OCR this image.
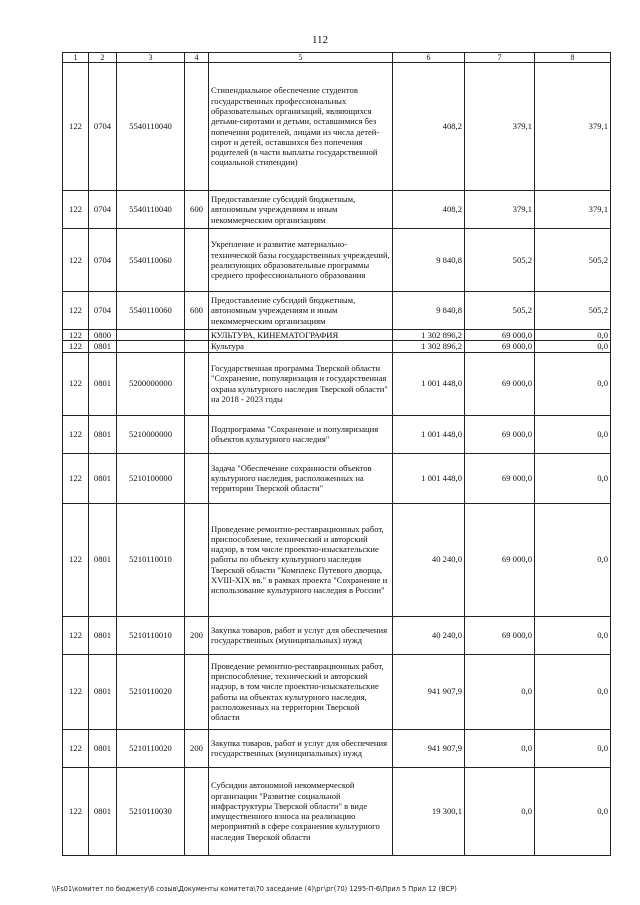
112
1	2	3	4	5	6	7	8
122	0704	5540110040		Стипендиальное обеспечение студентов государственных профессиональных образовательных организаций, являющихся детьми-сиротами и детьми, оставшимися без попечения родителей, лицами из числа детей-сирот и детей, оставшихся без попечения родителей (в части выплаты государственной социальной стипендии)	408,2	379,1	379,1
122	0704	5540110040	600	Предоставление субсидий бюджетным, автономным учреждениям и иным некоммерческим организациям	408,2	379,1	379,1
122	0704	5540110060		Укрепление и развитие материально-технической базы государственных учреждений, реализующих образовательные программы среднего профессионального образования	9 840,8	505,2	505,2
122	0704	5540110060	600	Предоставление субсидий бюджетным, автономным учреждениям и иным некоммерческим организациям	9 840,8	505,2	505,2
122	0800			КУЛЬТУРА, КИНЕМАТОГРАФИЯ	1 302 896,2	69 000,0	0,0
122	0801			Культура	1 302 896,2	69 000,0	0,0
122	0801	5200000000		Государственная программа Тверской области "Сохранение, популяризация и государственная охрана культурного наследия Тверской области" на 2018 - 2023 годы	1 001 448,0	69 000,0	0,0
122	0801	5210000000		Подпрограмма "Сохранение и популяризация объектов культурного наследия"	1 001 448,0	69 000,0	0,0
122	0801	5210100000		Задача "Обеспечение сохранности объектов культурного наследия, расположенных на территории Тверской области"	1 001 448,0	69 000,0	0,0
122	0801	5210110010		Проведение ремонтно-реставрационных работ, приспособление, технический и авторский надзор, в том числе проектно-изыскательские работы по объекту культурного наследия Тверской области "Комплекс Путевого дворца, XVIII-XIX вв." в рамках проекта "Сохранение и использование культурного наследия в России"	40 240,0	69 000,0	0,0
122	0801	5210110010	200	Закупка товаров, работ и услуг для обеспечения государственных (муниципальных) нужд	40 240,0	69 000,0	0,0
122	0801	5210110020		Проведение ремонтно-реставрационных работ, приспособление, технический и авторский надзор, в том числе проектно-изыскательские работы на объектах культурного наследия, расположенных на территории Тверской области	941 907,9	0,0	0,0
122	0801	5210110020	200	Закупка товаров, работ и услуг для обеспечения государственных (муниципальных) нужд	941 907,9	0,0	0,0
122	0801	5210110030		Субсидии автономной некоммерческой организации "Развитие социальной инфраструктуры Тверской области" в виде имущественного взноса на реализацию мероприятий в сфере сохранения культурного наследия Тверской области	19 300,1	0,0	0,0
\\Fs01\комитет по бюджету\6 созыв\Документы комитета\70 заседание (4)\рг\рг(70) 1295-П-6\Прил 5 Прил 12 (ВСР)
